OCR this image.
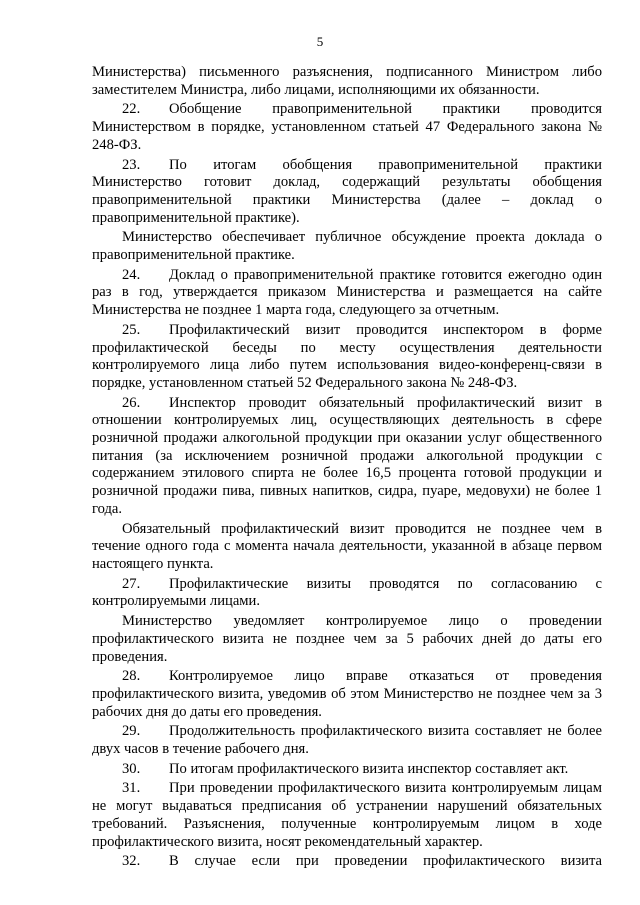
5

Министерства) письменного разъяснения, подписанного Министром либо заместителем Министра, либо лицами, исполняющими их обязанности.

22. Обобщение правоприменительной практики проводится Министерством в порядке, установленном статьей 47 Федерального закона № 248-ФЗ.

23. По итогам обобщения правоприменительной практики Министерство готовит доклад, содержащий результаты обобщения правоприменительной практики Министерства (далее – доклад о правоприменительной практике).

Министерство обеспечивает публичное обсуждение проекта доклада о правоприменительной практике.

24. Доклад о правоприменительной практике готовится ежегодно один раз в год, утверждается приказом Министерства и размещается на сайте Министерства не позднее 1 марта года, следующего за отчетным.

25. Профилактический визит проводится инспектором в форме профилактической беседы по месту осуществления деятельности контролируемого лица либо путем использования видео-конференц-связи в порядке, установленном статьей 52 Федерального закона № 248-ФЗ.

26. Инспектор проводит обязательный профилактический визит в отношении контролируемых лиц, осуществляющих деятельность в сфере розничной продажи алкогольной продукции при оказании услуг общественного питания (за исключением розничной продажи алкогольной продукции с содержанием этилового спирта не более 16,5 процента готовой продукции и розничной продажи пива, пивных напитков, сидра, пуаре, медовухи) не более 1 года.

Обязательный профилактический визит проводится не позднее чем в течение одного года с момента начала деятельности, указанной в абзаце первом настоящего пункта.

27. Профилактические визиты проводятся по согласованию с контролируемыми лицами.

Министерство уведомляет контролируемое лицо о проведении профилактического визита не позднее чем за 5 рабочих дней до даты его проведения.

28. Контролируемое лицо вправе отказаться от проведения профилактического визита, уведомив об этом Министерство не позднее чем за 3 рабочих дня до даты его проведения.

29. Продолжительность профилактического визита составляет не более двух часов в течение рабочего дня.

30. По итогам профилактического визита инспектор составляет акт.

31. При проведении профилактического визита контролируемым лицам не могут выдаваться предписания об устранении нарушений обязательных требований. Разъяснения, полученные контролируемым лицом в ходе профилактического визита, носят рекомендательный характер.

32. В случае если при проведении профилактического визита
